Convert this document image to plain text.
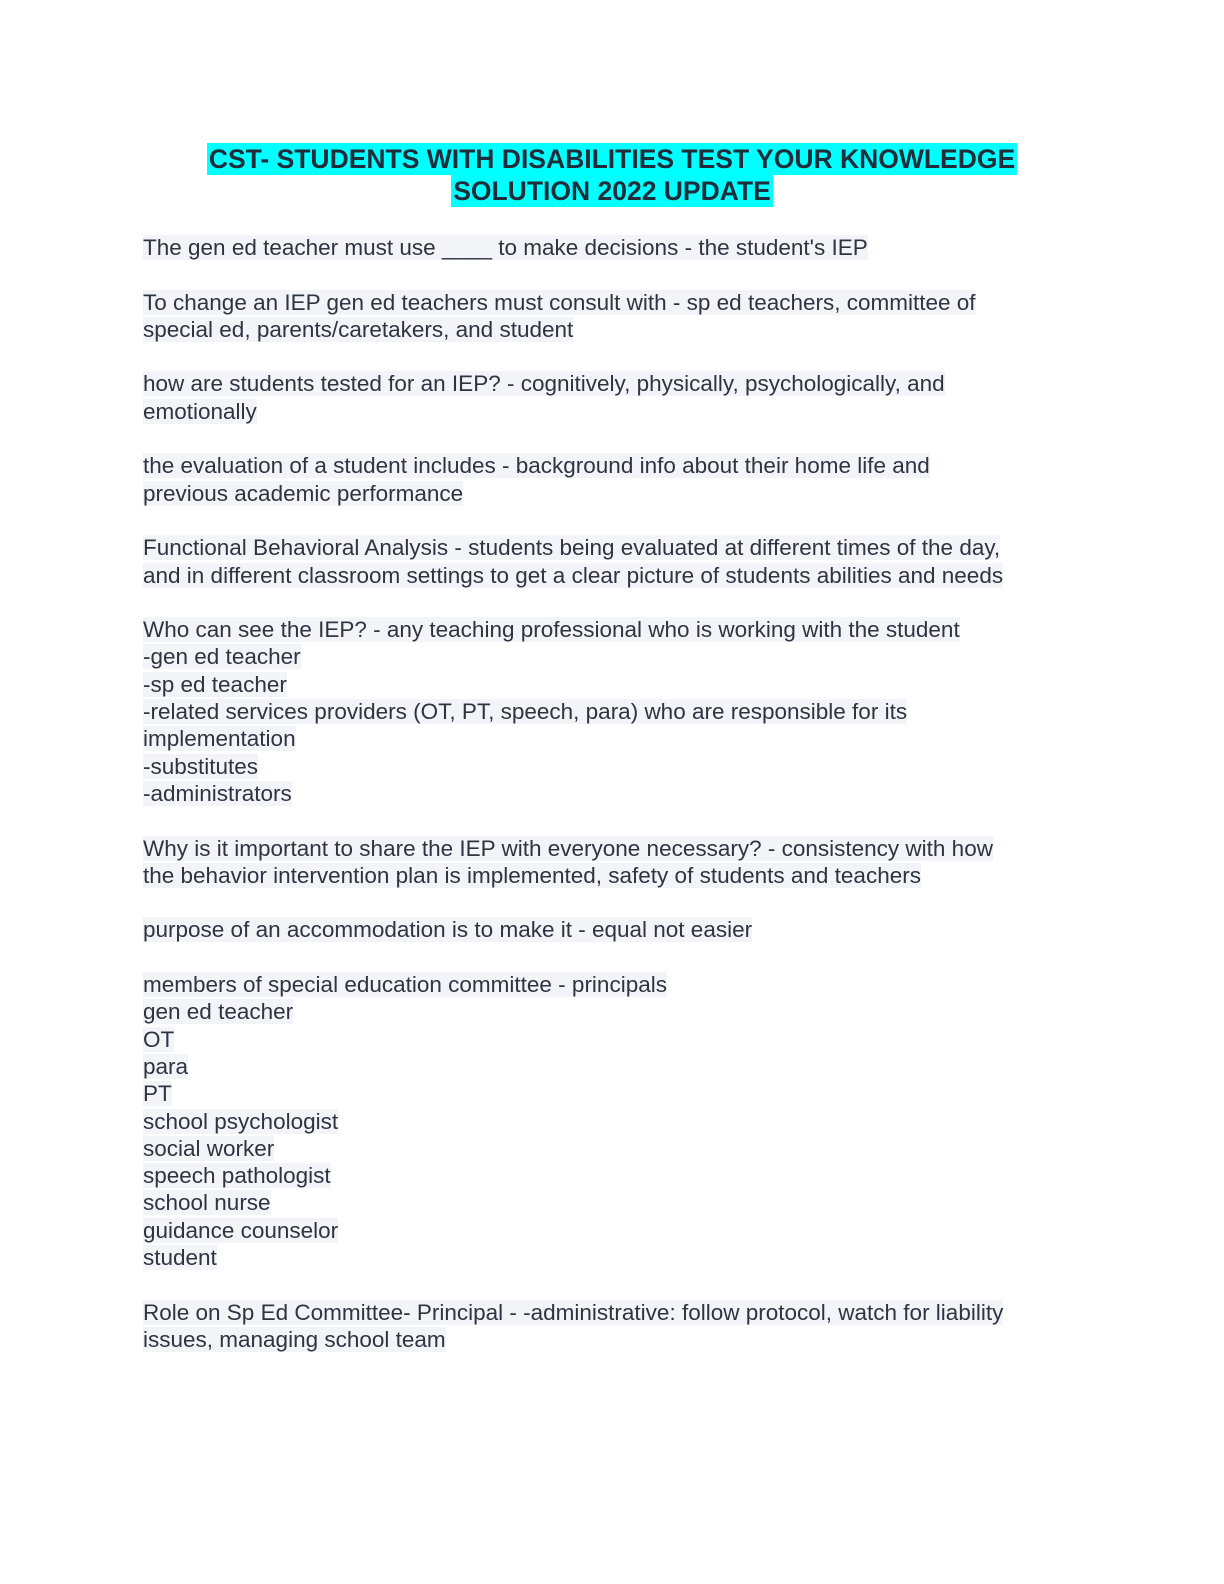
CST- STUDENTS WITH DISABILITIES TEST YOUR KNOWLEDGE
SOLUTION 2022 UPDATE
The gen ed teacher must use ____ to make decisions - the student's IEP
To change an IEP gen ed teachers must consult with - sp ed teachers, committee of
special ed, parents/caretakers, and student
how are students tested for an IEP? - cognitively, physically, psychologically, and
emotionally
the evaluation of a student includes - background info about their home life and
previous academic performance
Functional Behavioral Analysis - students being evaluated at different times of the day,
and in different classroom settings to get a clear picture of students abilities and needs
Who can see the IEP? - any teaching professional who is working with the student
-gen ed teacher
-sp ed teacher
-related services providers (OT, PT, speech, para) who are responsible for its
implementation
-substitutes
-administrators
Why is it important to share the IEP with everyone necessary? - consistency with how
the behavior intervention plan is implemented, safety of students and teachers
purpose of an accommodation is to make it - equal not easier
members of special education committee - principals
gen ed teacher
OT
para
PT
school psychologist
social worker
speech pathologist
school nurse
guidance counselor
student
Role on Sp Ed Committee- Principal - -administrative: follow protocol, watch for liability
issues, managing school team
